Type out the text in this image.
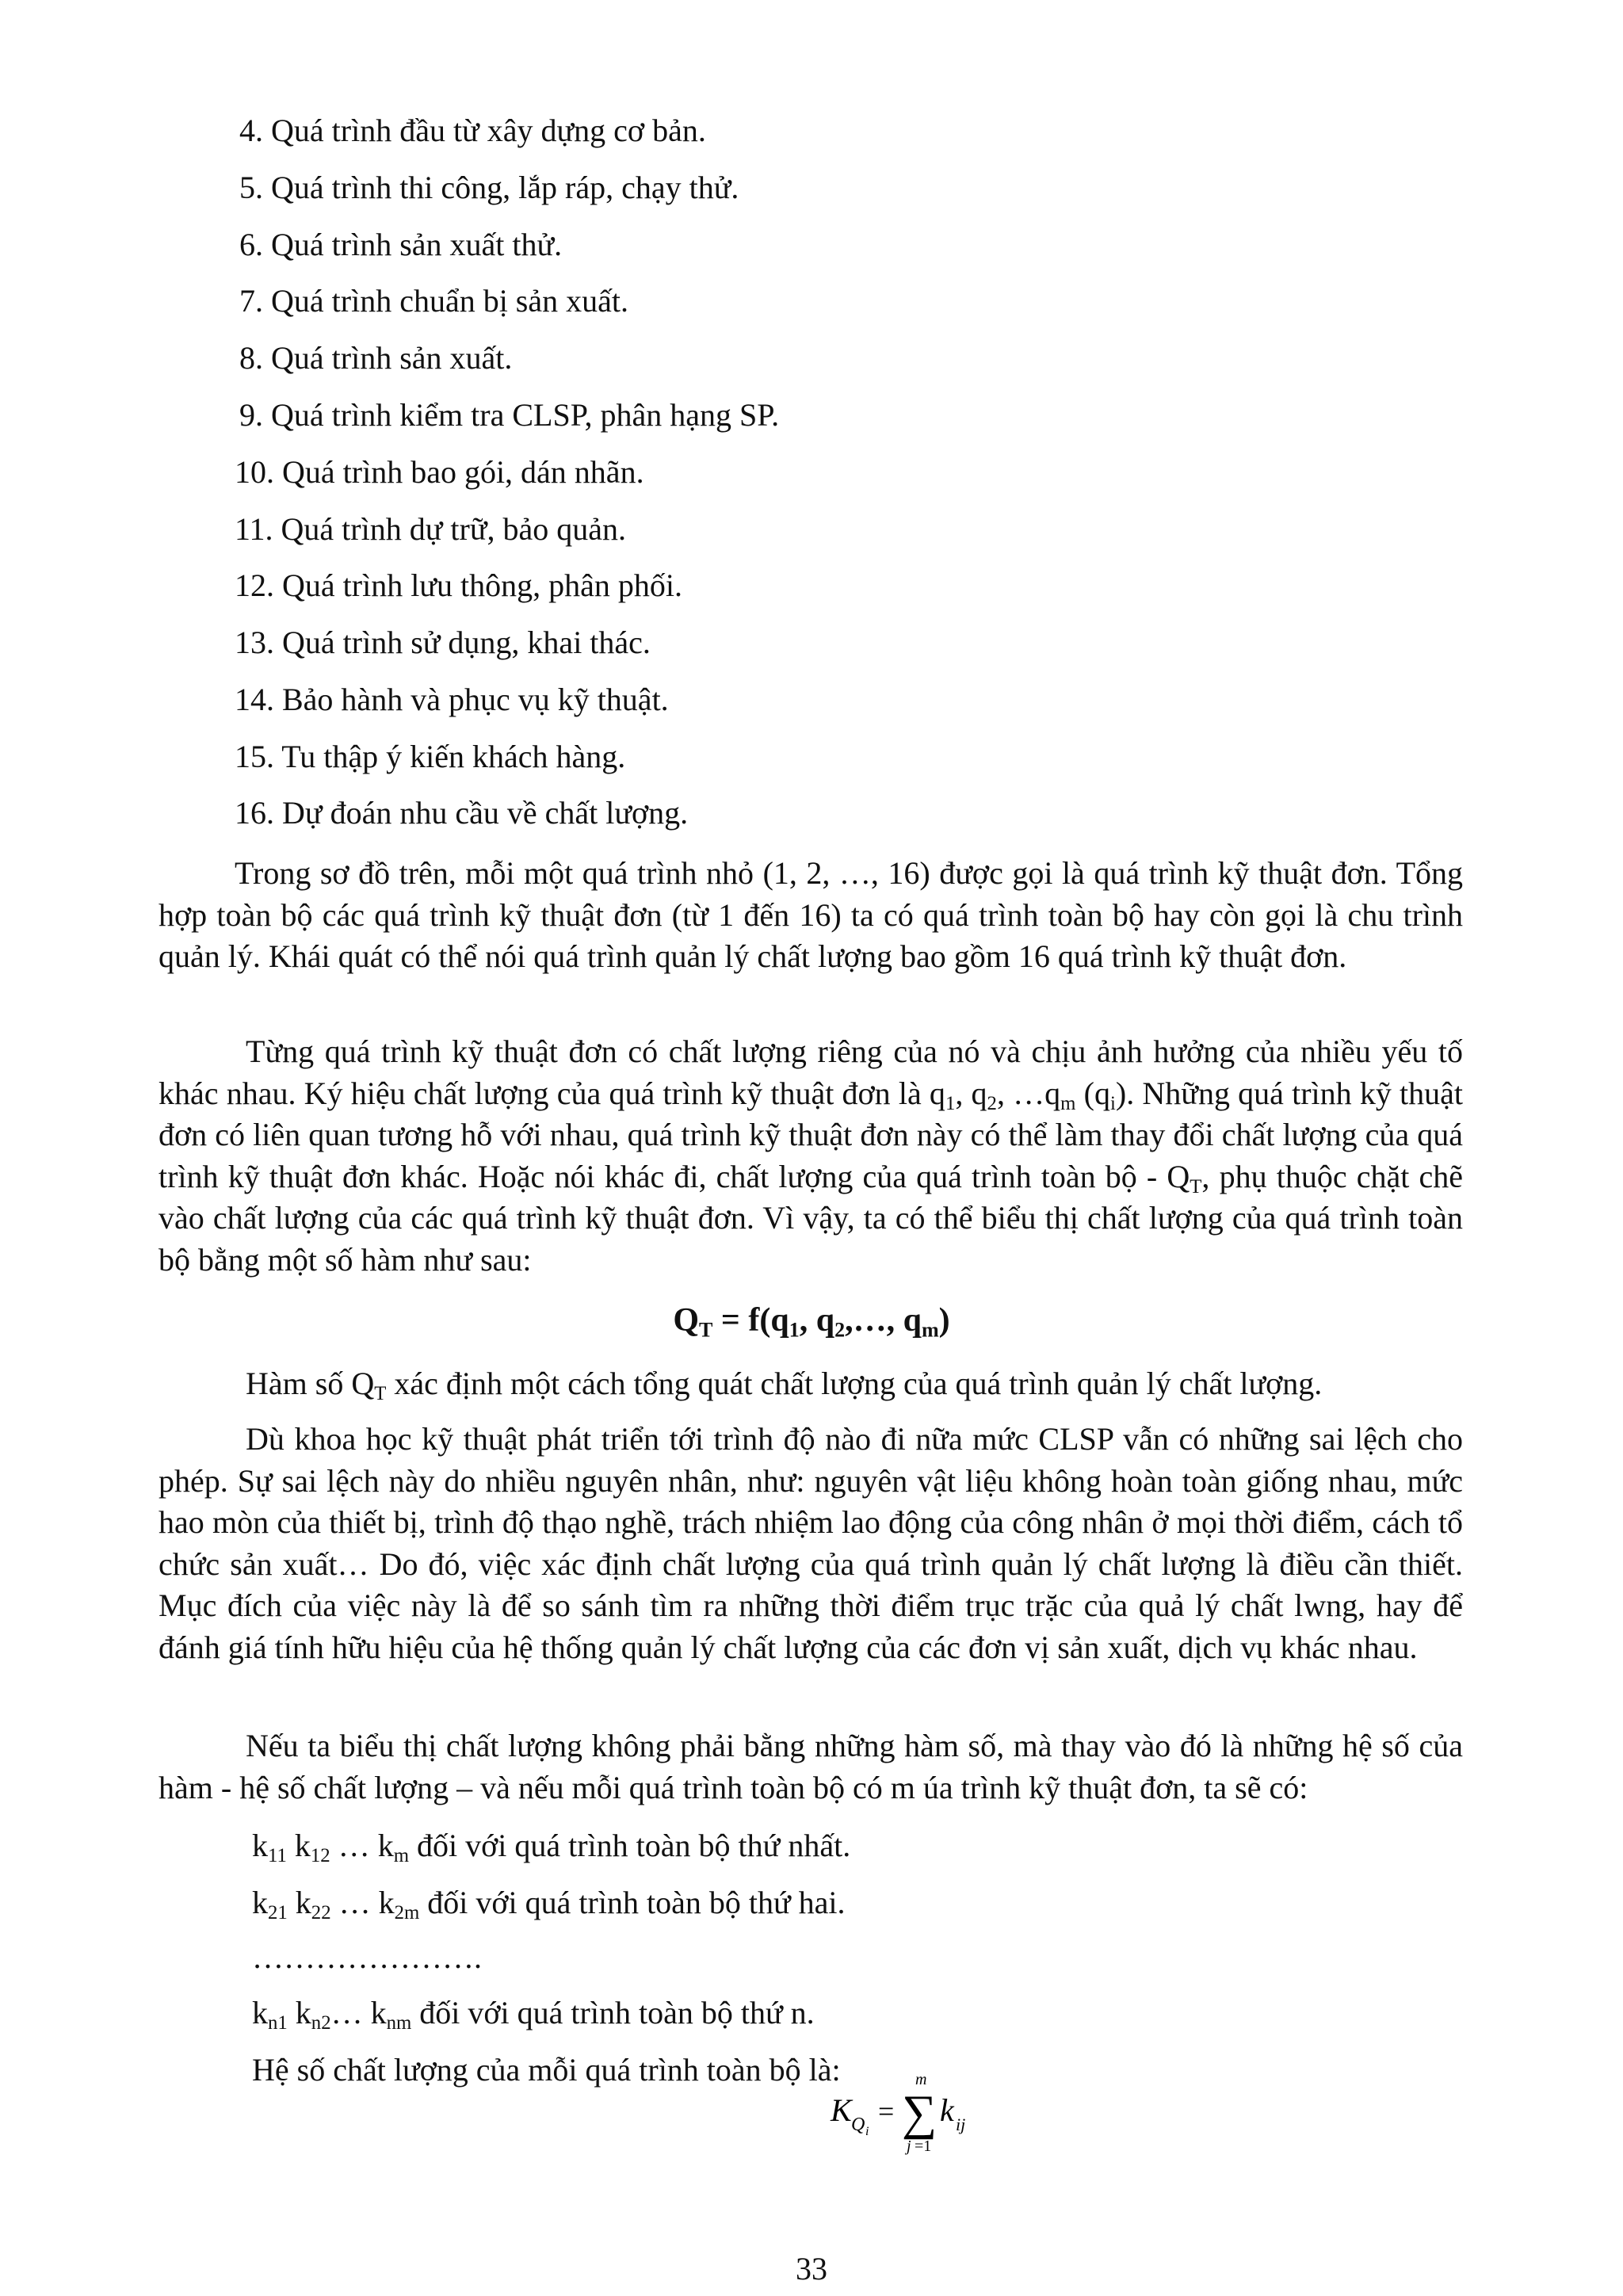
4. Quá trình đầu từ xây dựng cơ bản.
5. Quá trình thi công, lắp ráp, chạy thử.
6. Quá trình sản xuất thử.
7. Quá trình chuẩn bị sản xuất.
8. Quá trình sản xuất.
9. Quá trình kiểm tra CLSP, phân hạng SP.
10. Quá trình bao gói, dán nhãn.
11. Quá trình dự trữ, bảo quản.
12. Quá trình lưu thông, phân phối.
13. Quá trình sử dụng, khai thác.
14. Bảo hành và phục vụ kỹ thuật.
15. Tu thập ý kiến khách hàng.
16. Dự đoán nhu cầu về chất lượng.
Trong sơ đồ trên, mỗi một quá trình nhỏ (1, 2, …, 16) được gọi là quá trình kỹ thuật đơn. Tổng hợp toàn bộ các quá trình kỹ thuật đơn (từ 1 đến 16) ta có quá trình toàn bộ hay còn gọi là chu trình quản lý. Khái quát có thể nói quá trình quản lý chất lượng bao gồm 16 quá trình kỹ thuật đơn.
Từng quá trình kỹ thuật đơn có chất lượng riêng của nó và chịu ảnh hưởng của nhiều yếu tố khác nhau. Ký hiệu chất lượng của quá trình kỹ thuật đơn là $q_1$, $q_2$, $\dots q_m$ $(q_i)$. Những quá trình kỹ thuật đơn có liên quan tương hỗ với nhau, quá trình kỹ thuật đơn này có thể làm thay đổi chất lượng của quá trình kỹ thuật đơn khác. Hoặc nói khác đi, chất lượng của quá trình toàn bộ - $Q_T$, phụ thuộc chặt chẽ vào chất lượng của các quá trình kỹ thuật đơn. Vì vậy, ta có thể biểu thị chất lượng của quá trình toàn bộ bằng một số hàm như sau:
$Q_T = f(q_1$, $q_2,\dots$, $q_m$)
Hàm số $Q_T$ xác định một cách tổng quát chất lượng của quá trình quản lý chất lượng.
Dù khoa học kỹ thuật phát triển tới trình độ nào đi nữa mức CLSP vẫn có những sai lệch cho phép. Sự sai lệch này do nhiều nguyên nhân, như: nguyên vật liệu không hoàn toàn giống nhau, mức hao mòn của thiết bị, trình độ thạo nghề, trách nhiệm lao động của công nhân ở mọi thời điểm, cách tổ chức sản xuất… Do đó, việc xác định chất lượng của quá trình quản lý chất lượng là điều cần thiết. Mục đích của việc này là để so sánh tìm ra những thời điểm trục trặc của quả lý chất lwng, hay để đánh giá tính hữu hiệu của hệ thống quản lý chất lượng của các đơn vị sản xuất, dịch vụ khác nhau.
Nếu ta biểu thị chất lượng không phải bằng những hàm số, mà thay vào đó là những hệ số của hàm - hệ số chất lượng – và nếu mỗi quá trình toàn bộ có m úa trình kỹ thuật đơn, ta sẽ có:
$k_{11}$ $k_{12}$ … $k_m$ đối với quá trình toàn bộ thứ nhất.
$k_{21}$ $k_{22}$ … $k_{2m}$ đối với quá trình toàn bộ thứ hai.
………………….
$k_{n1}$ $k_{n2}\dots$ $k_{nm}$ đối với quá trình toàn bộ thứ n.
Hệ số chất lượng của mỗi quá trình toàn bộ là:
K Q i
=
m
∑
j =1
k ij
33
